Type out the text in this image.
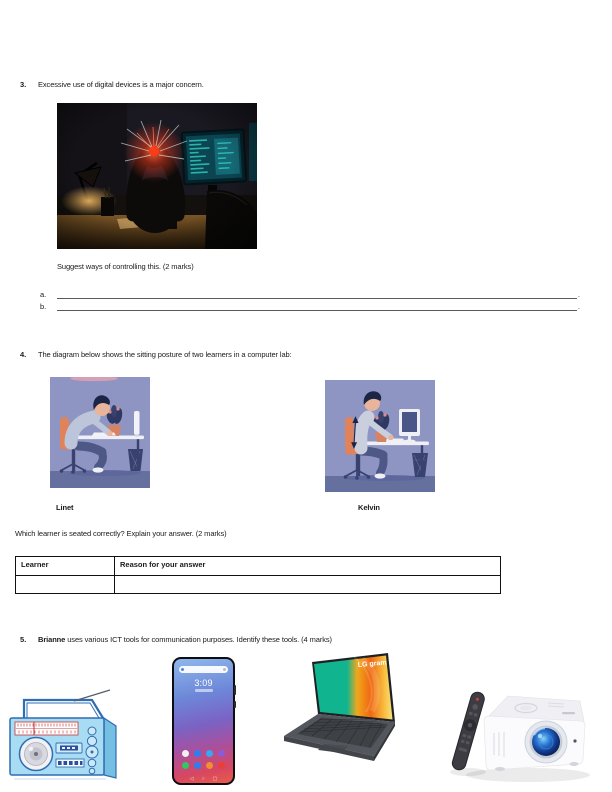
3.	Excessive use of digital devices is a major concern.
Suggest ways of controlling this. (2 marks)
a.	.
b.	.
4.	The diagram below shows the sitting posture of two learners in a computer lab:
Linet	Kelvin
Which learner is seated correctly? Explain your answer. (2 marks)
Learner	Reason for your answer

5.	Brianne uses various ICT tools for communication purposes. Identify these tools. (4 marks)
3:09
◁ ○ ▢
LG gram 17
